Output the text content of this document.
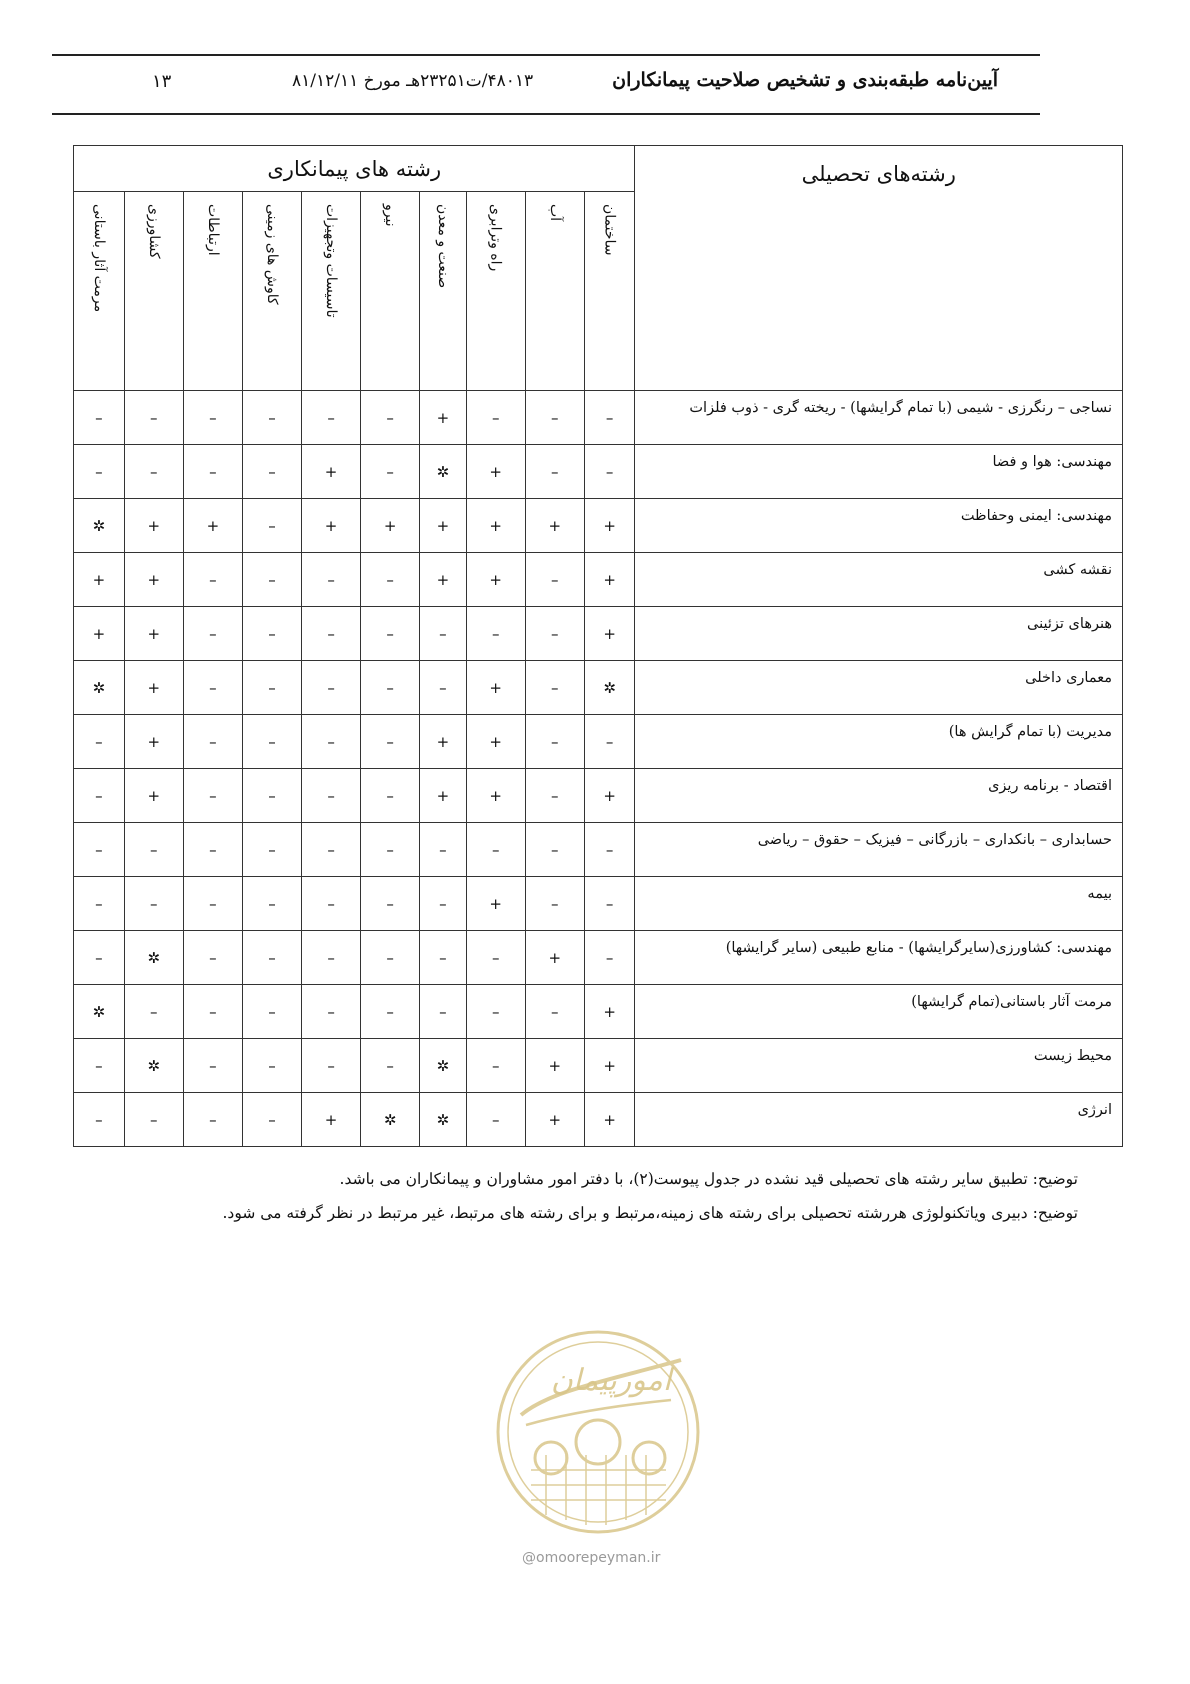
آیین‌نامه طبقه‌بندی و تشخیص صلاحیت پیمانکاران
۴۸۰۱۳/ت۲۳۲۵۱هـ مورخ ۸۱/۱۲/۱۱
۱۳
رشته‌های تحصیلی	رشته های پیمانکاری									

	ساختمان	آب	راه وترابری	صنعت و معدن	نیرو	تاسیسات وتجهیزات	کاوش های زمینی	ارتباطات	کشاورزی	مرمت آثار باستانی

نساجی – رنگرزی - شیمی (با تمام گرایشها) - ریخته گری - ذوب فلزات	–	–	–	+	–	–	–	–	–	–
مهندسی: هوا و فضا	–	–	+	✲	–	+	–	–	–	–
مهندسی: ایمنی وحفاظت	+	+	+	+	+	+	–	+	+	✲
نقشه کشی	+	–	+	+	–	–	–	–	+	+
هنرهای تزئینی	+	–	–	–	–	–	–	–	+	+
معماری داخلی	✲	–	+	–	–	–	–	–	+	✲
مدیریت (با تمام گرایش ها)	–	–	+	+	–	–	–	–	+	–
اقتصاد - برنامه ریزی	+	–	+	+	–	–	–	–	+	–
حسابداری – بانکداری – بازرگانی – فیزیک – حقوق – ریاضی	–	–	–	–	–	–	–	–	–	–
بیمه	–	–	+	–	–	–	–	–	–	–
مهندسی: کشاورزی(سایرگرایشها) - منابع طبیعی (سایر گرایشها)	–	+	–	–	–	–	–	–	✲	–
مرمت آثار باستانی(تمام گرایشها)	+	–	–	–	–	–	–	–	–	✲
محیط زیست	+	+	–	✲	–	–	–	–	✲	–
انرژی	+	+	–	✲	✲	+	–	–	–	–
توضیح: تطبیق سایر رشته های تحصیلی قید نشده در جدول پیوست(۲)، با دفتر امور مشاوران و پیمانکاران می باشد.
توضیح: دبیری ویاتکنولوژی هررشته تحصیلی برای رشته های زمینه،مرتبط و برای رشته های مرتبط، غیر مرتبط در نظر گرفته می شود.
امورپیمان
@omoorepeyman.ir
